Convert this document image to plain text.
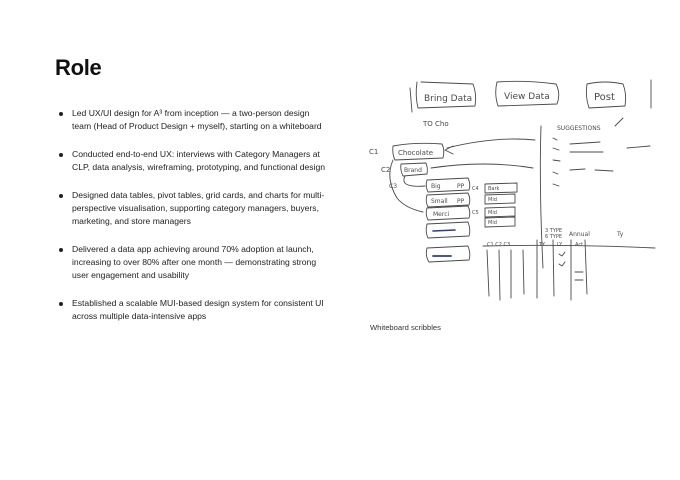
Role
Led UX/UI design for A³ from inception — a two-person design team (Head of Product Design + myself), starting on a whiteboard
Conducted end-to-end UX: interviews with Category Managers at CLP, data analysis, wireframing, prototyping, and functional design
Designed data tables, pivot tables, grid cards, and charts for multi-perspective visualisation, supporting category managers, buyers, marketing, and store managers
Delivered a data app achieving around 70% adoption at launch, increasing to over 80% after one month — demonstrating strong user engagement and usability
Established a scalable MUI-based design system for consistent UI across multiple data-intensive apps
Bring Data	View Data	Post
TO Cho
SUGGESTIONS
C1	Chocolate
C2 Brand
C3	Big	PP
Small PP
Merci
C4 Bark
Mid
C5 Mid
Mid
3 TYPE
6 TYPE Annual	Ty
C1 C2 C3	TY LY	Act
Whiteboard scribbles
